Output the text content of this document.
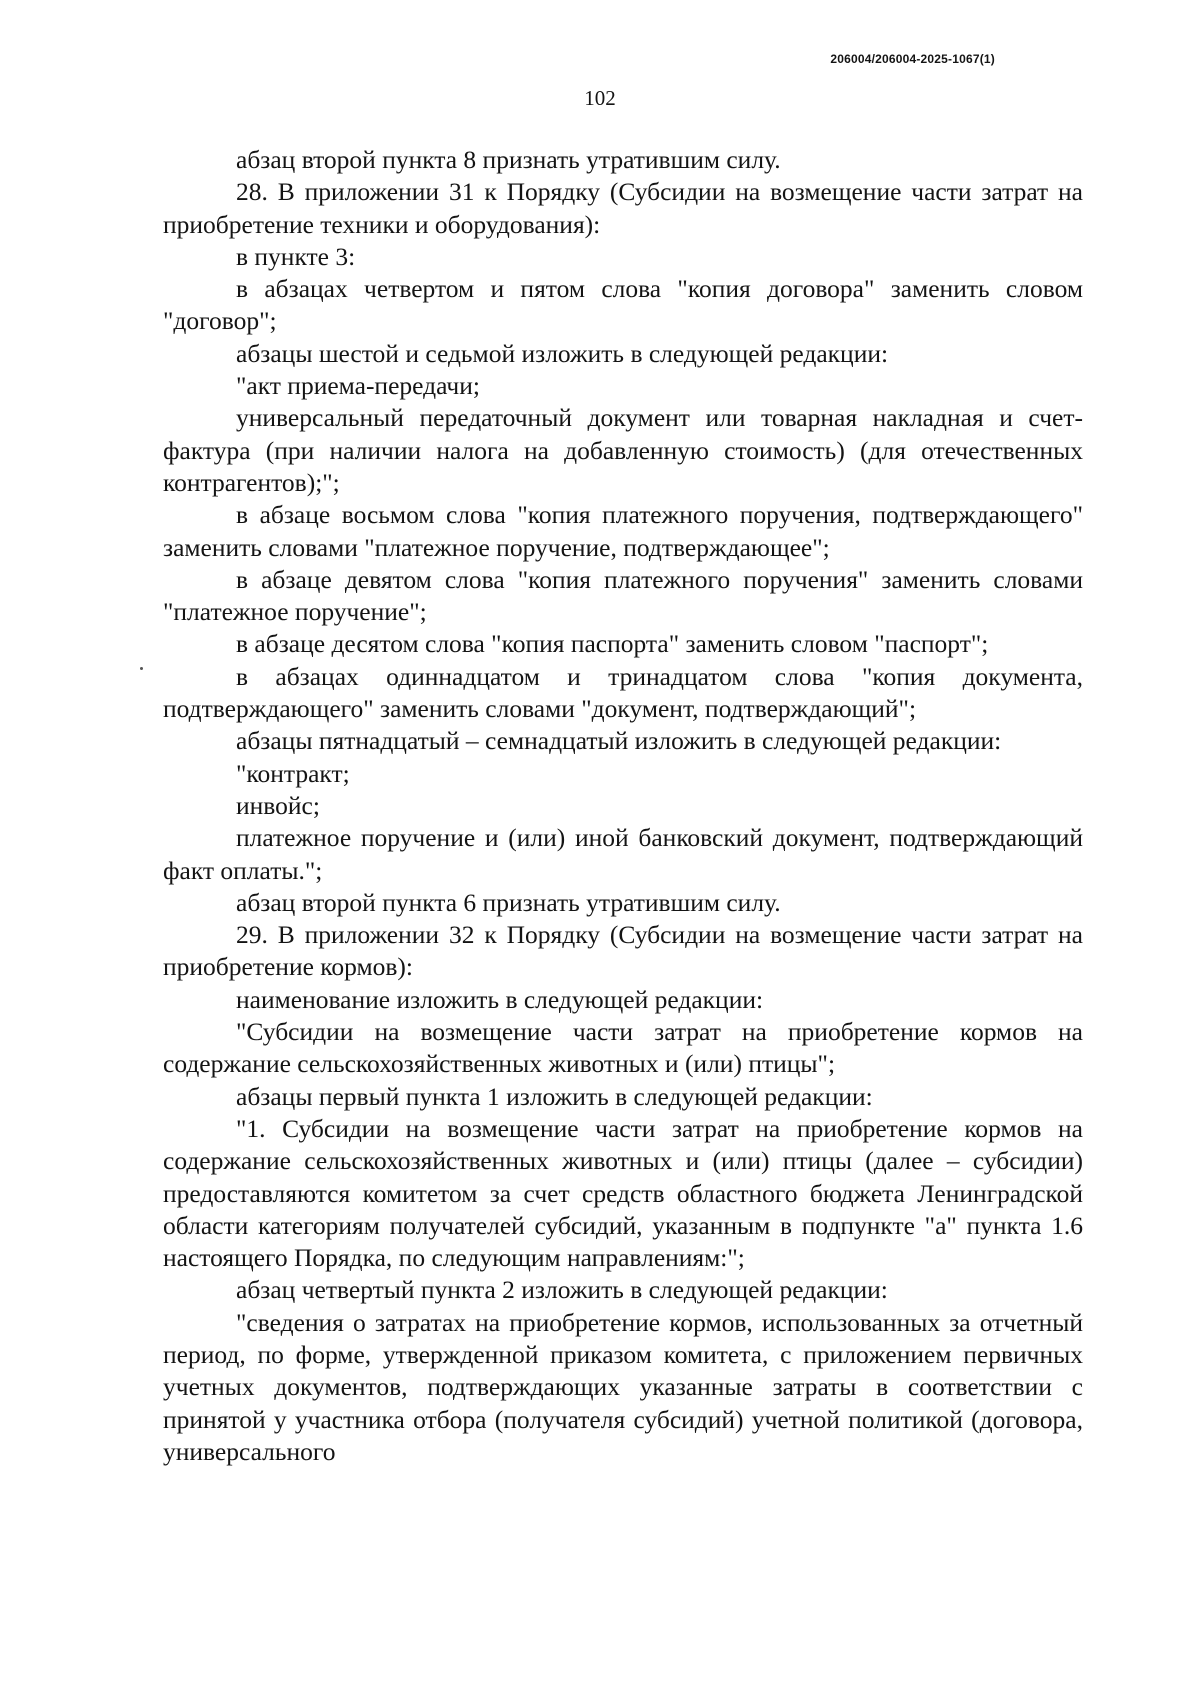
206004/206004-2025-1067(1)
102

абзац второй пункта 8 признать утратившим силу.

28. В приложении 31 к Порядку (Субсидии на возмещение части затрат на приобретение техники и оборудования):

в пункте 3:

в абзацах четвертом и пятом слова "копия договора" заменить словом "договор";

абзацы шестой и седьмой изложить в следующей редакции:

"акт приема-передачи;

универсальный передаточный документ или товарная накладная и счет-фактура (при наличии налога на добавленную стоимость) (для отечественных контрагентов);";

в абзаце восьмом слова "копия платежного поручения, подтверждающего" заменить словами "платежное поручение, подтверждающее";

в абзаце девятом слова "копия платежного поручения" заменить словами "платежное поручение";

в абзаце десятом слова "копия паспорта" заменить словом "паспорт";

в абзацах одиннадцатом и тринадцатом слова "копия документа, подтверждающего" заменить словами "документ, подтверждающий";

абзацы пятнадцатый – семнадцатый изложить в следующей редакции:

"контракт;

инвойс;

платежное поручение и (или) иной банковский документ, подтверждающий факт оплаты.";

абзац второй пункта 6 признать утратившим силу.

29. В приложении 32 к Порядку (Субсидии на возмещение части затрат на приобретение кормов):

наименование изложить в следующей редакции:

"Субсидии на возмещение части затрат на приобретение кормов на содержание сельскохозяйственных животных и (или) птицы";

абзацы первый пункта 1 изложить в следующей редакции:

"1. Субсидии на возмещение части затрат на приобретение кормов на содержание сельскохозяйственных животных и (или) птицы (далее – субсидии) предоставляются комитетом за счет средств областного бюджета Ленинградской области категориям получателей субсидий, указанным в подпункте "а" пункта 1.6 настоящего Порядка, по следующим направлениям:";

абзац четвертый пункта 2 изложить в следующей редакции:

"сведения о затратах на приобретение кормов, использованных за отчетный период, по форме, утвержденной приказом комитета, с приложением первичных учетных документов, подтверждающих указанные затраты в соответствии с принятой у участника отбора (получателя субсидий) учетной политикой (договора, универсального
